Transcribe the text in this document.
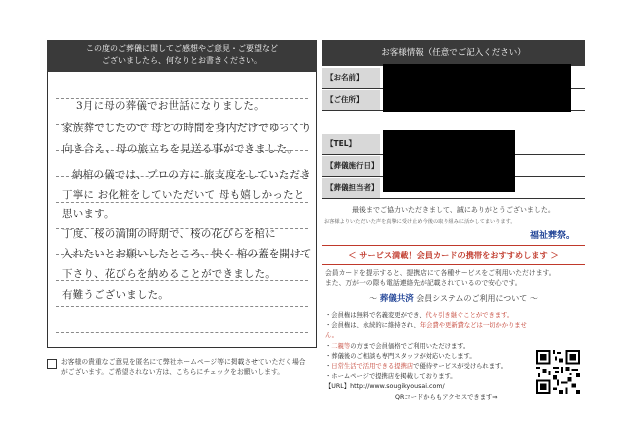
この度のご葬儀に関してご感想やご意見・ご要望など
ございましたら、何なりとお書きください。
3月に母の葬儀でお世話になりました。
家族葬でしたので 母との時間を身内だけでゆっくり
向き合え、母の旅立ちを見送る事ができました。
納棺の儀では、プロの方に 旅支度をしていただき
丁寧に お化粧をしていただいて 母も嬉しかったと
思います。
丁度、桜の満開の時期で、桜の花びらを棺に
入れたいとお願いしたところ、快く 棺の蓋を開けて
下さり、花びらを納めることができました。
有難うございました。
お客様の貴重なご意見を匿名にて弊社ホームページ等に掲載させていただく場合
がございます。ご希望されない方は、こちらにチェックをお願いします。
お客様情報（任意でご記入ください）
【お名前】
【ご住所】
【TEL】
【葬儀施行日】
【葬儀担当者】
最後までご協力いただきまして、誠にありがとうございました。
お客様よりいただいた声を真摯に受け止め今後の取り組みに活かしてまいります。
福祉葬祭。
＜ サービス満載！会員カードの携帯をおすすめします ＞
会員カードを提示すると、提携店にて各種サービスをご利用いただけます。
また、万が一の際も電話連絡先が記載されているので安心です。
〜 葬儀共済 会員システムのご利用について 〜
・会員権は無料で名義変更ができ、代々引き継ぐことができます。
・会員権は、永続的に維持され、年会費や更新費などは一切かかりません。
・二親等の方まで会員価格でご利用いただけます。
・葬儀後のご相談も専門スタッフが対応いたします。
・日常生活で活用できる提携店で優待サービスが受けられます。
・ホームページで提携店を掲載しております。
【URL】http://www.sougikyousai.com/
QRコードからもアクセスできます⇒
